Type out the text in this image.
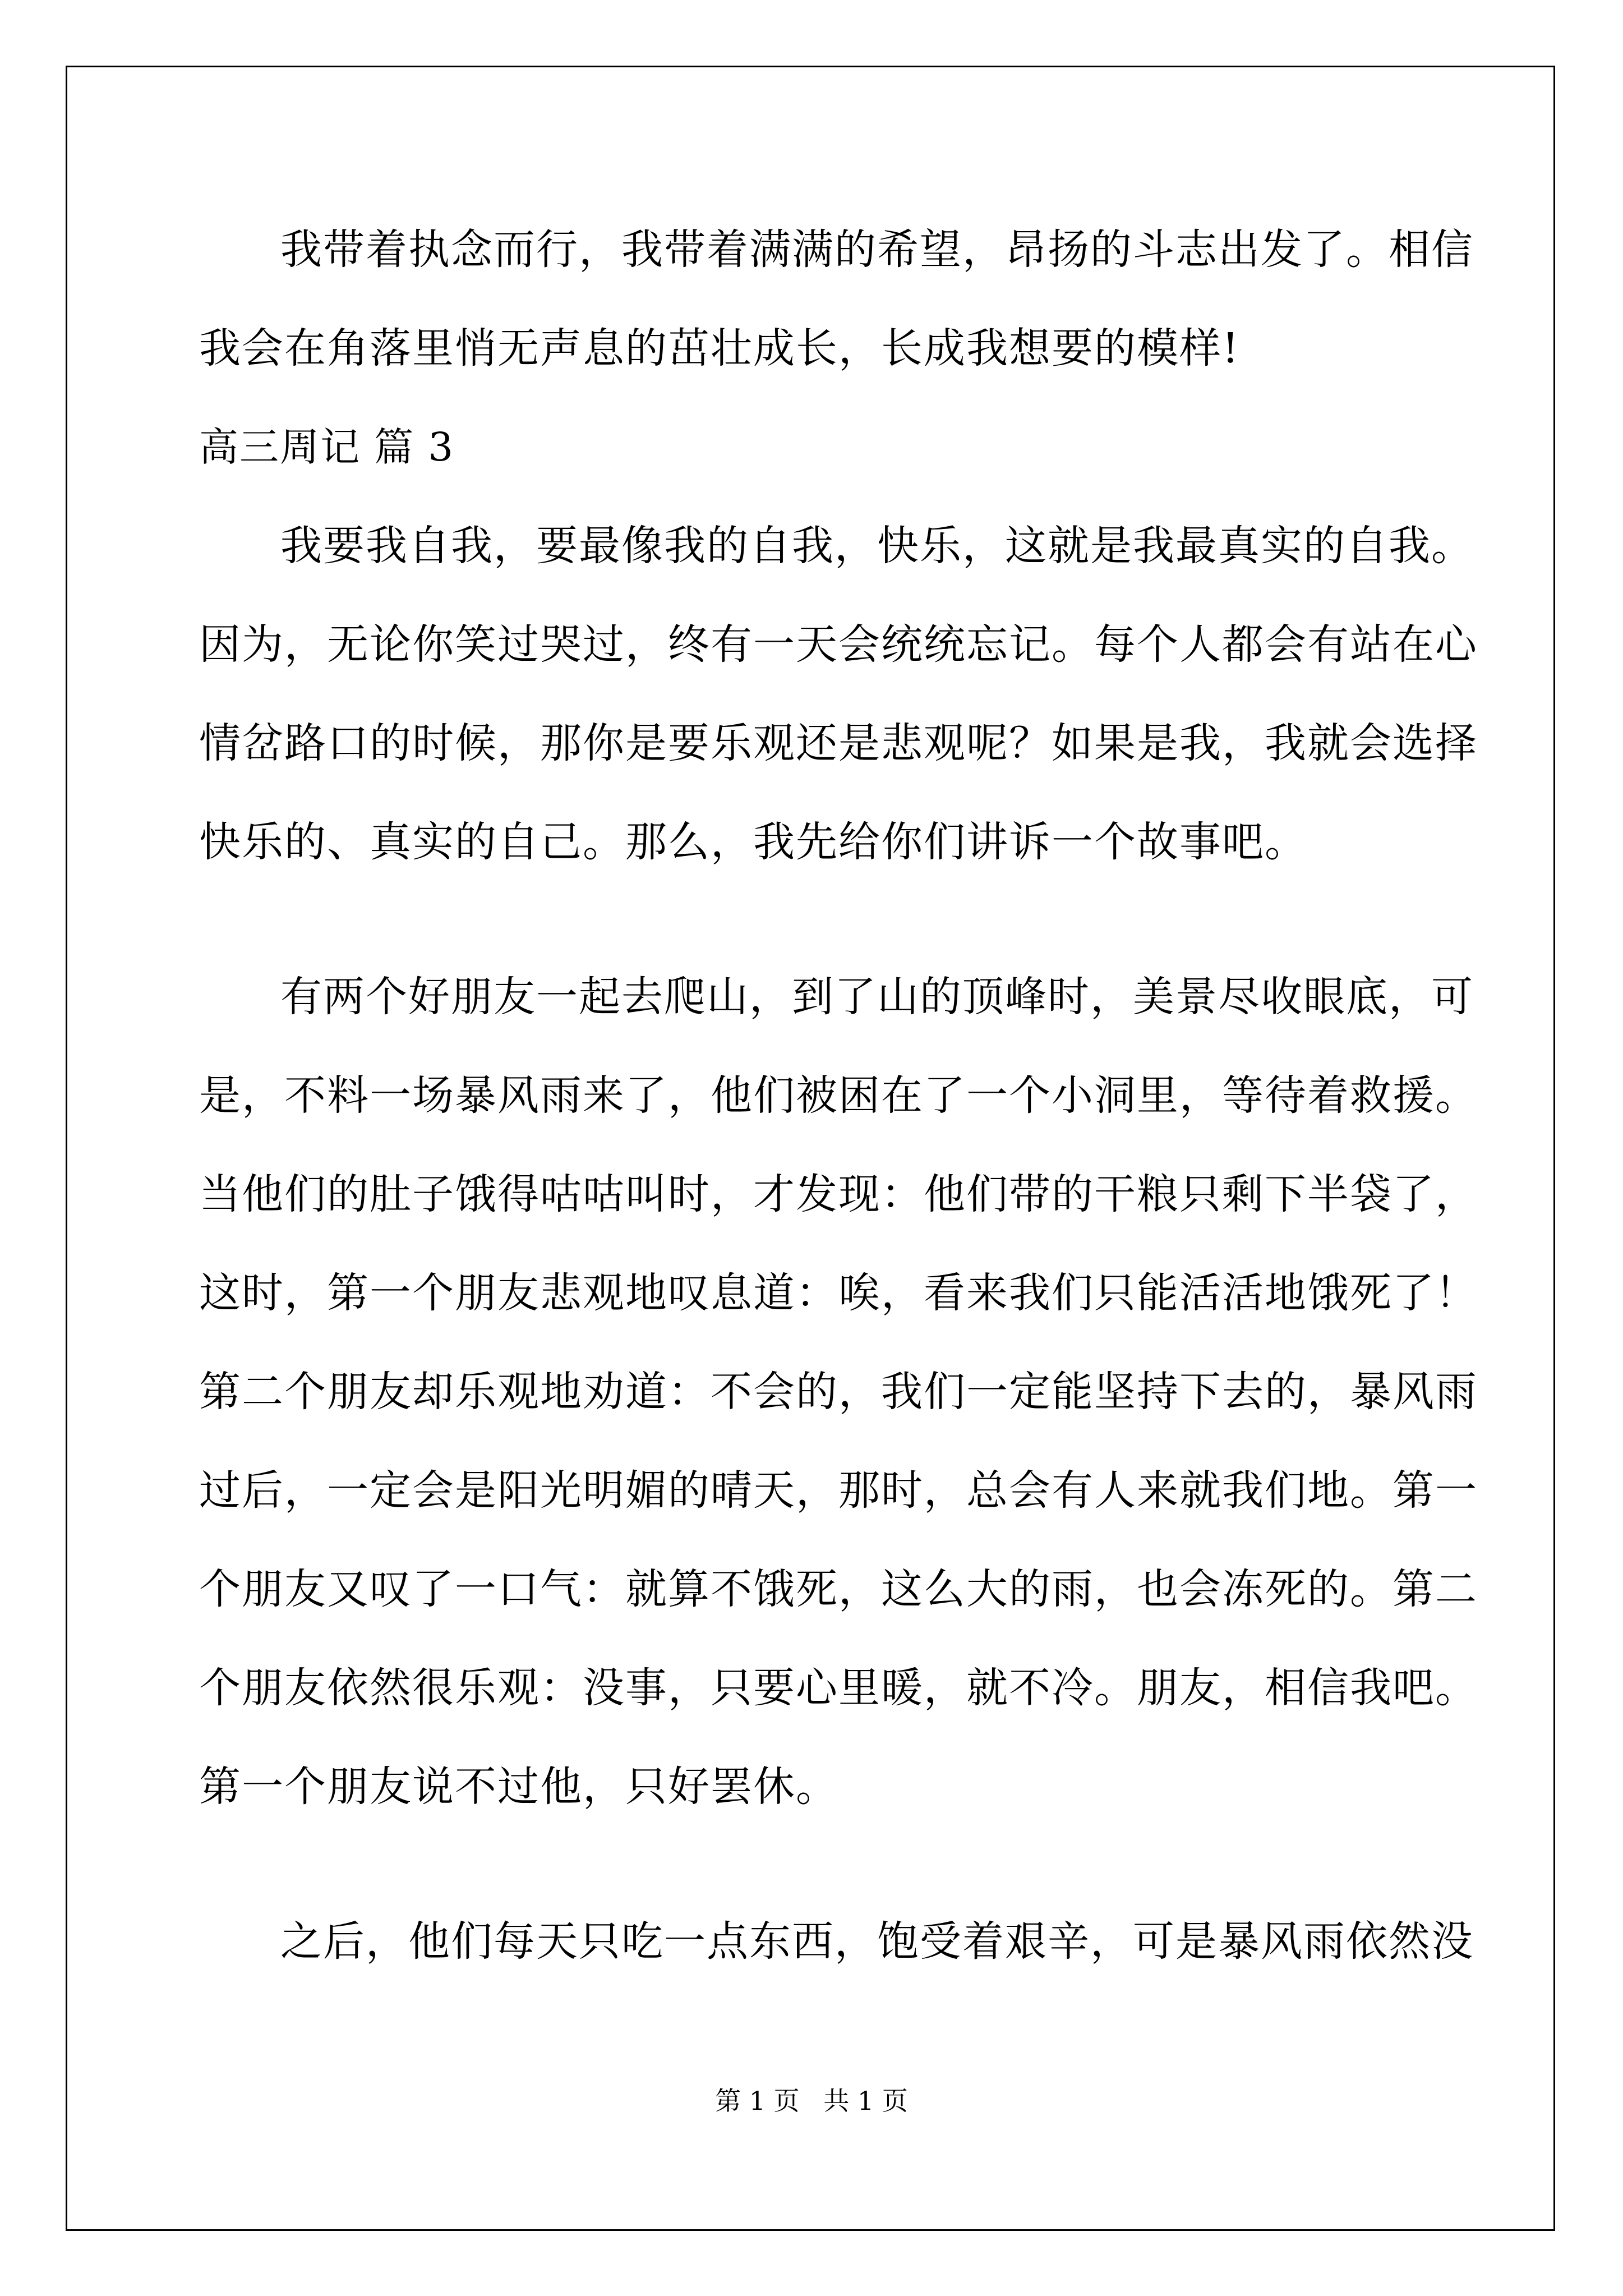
我带着执念而行，我带着满满的希望，昂扬的斗志出发了。相信
我会在角落里悄无声息的茁壮成长，长成我想要的模样!
高三周记 篇 3
我要我自我，要最像我的自我，快乐，这就是我最真实的自我。
因为，无论你笑过哭过，终有一天会统统忘记。每个人都会有站在心
情岔路口的时候，那你是要乐观还是悲观呢？如果是我，我就会选择
快乐的、真实的自己。那么，我先给你们讲诉一个故事吧。
有两个好朋友一起去爬山，到了山的顶峰时，美景尽收眼底，可
是，不料一场暴风雨来了，他们被困在了一个小洞里，等待着救援。
当他们的肚子饿得咕咕叫时，才发现：他们带的干粮只剩下半袋了，
这时，第一个朋友悲观地叹息道：唉，看来我们只能活活地饿死了！
第二个朋友却乐观地劝道：不会的，我们一定能坚持下去的，暴风雨
过后，一定会是阳光明媚的晴天，那时，总会有人来就我们地。第一
个朋友又叹了一口气：就算不饿死，这么大的雨，也会冻死的。第二
个朋友依然很乐观：没事，只要心里暖，就不冷。朋友，相信我吧。
第一个朋友说不过他，只好罢休。
之后，他们每天只吃一点东西，饱受着艰辛，可是暴风雨依然没
第 1 页 共 1 页
